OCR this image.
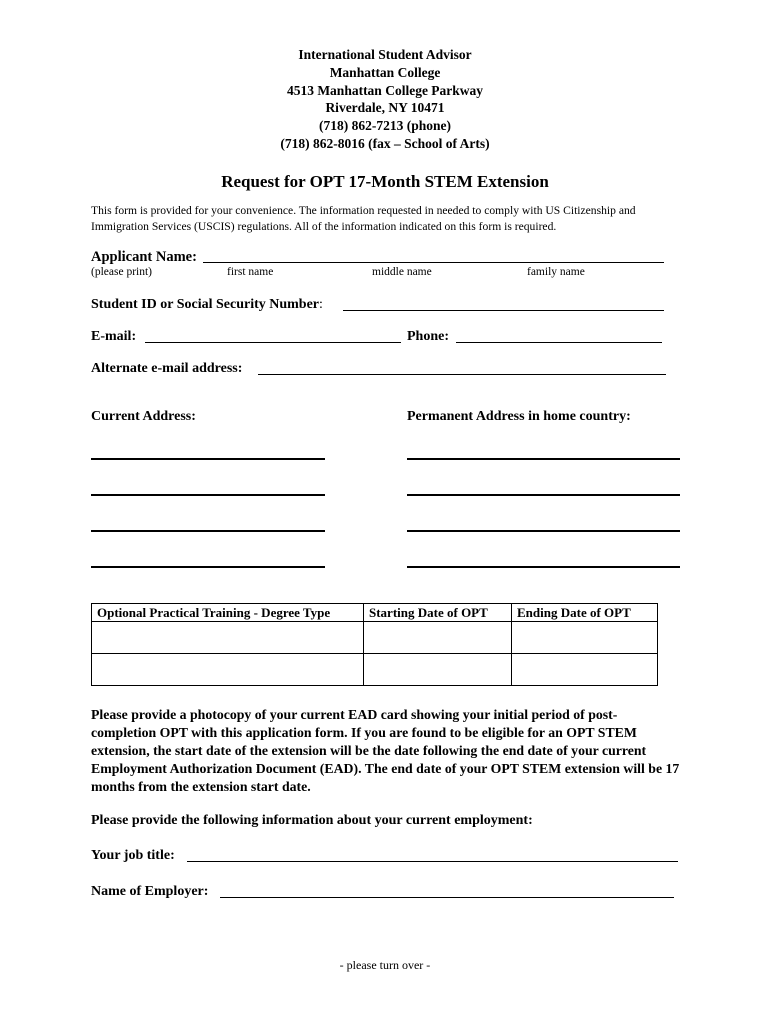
International Student Advisor
Manhattan College
4513 Manhattan College Parkway
Riverdale, NY 10471
(718) 862-7213 (phone)
(718) 862-8016 (fax – School of Arts)
Request for OPT 17-Month STEM Extension
This form is provided for your convenience. The information requested in needed to comply with US Citizenship and Immigration Services (USCIS) regulations. All of the information indicated on this form is required.
Applicant Name:
(please print)	first name	middle name	family name
Student ID or Social Security Number:
E-mail:	Phone:
Alternate e-mail address:
Current Address:	Permanent Address in home country:
Optional Practical Training - Degree Type	Starting Date of OPT	Ending Date of OPT

Please provide a photocopy of your current EAD card showing your initial period of post-completion OPT with this application form. If you are found to be eligible for an OPT STEM extension, the start date of the extension will be the date following the end date of your current Employment Authorization Document (EAD). The end date of your OPT STEM extension will be 17 months from the extension start date.
Please provide the following information about your current employment:
Your job title:
Name of Employer:
- please turn over -
